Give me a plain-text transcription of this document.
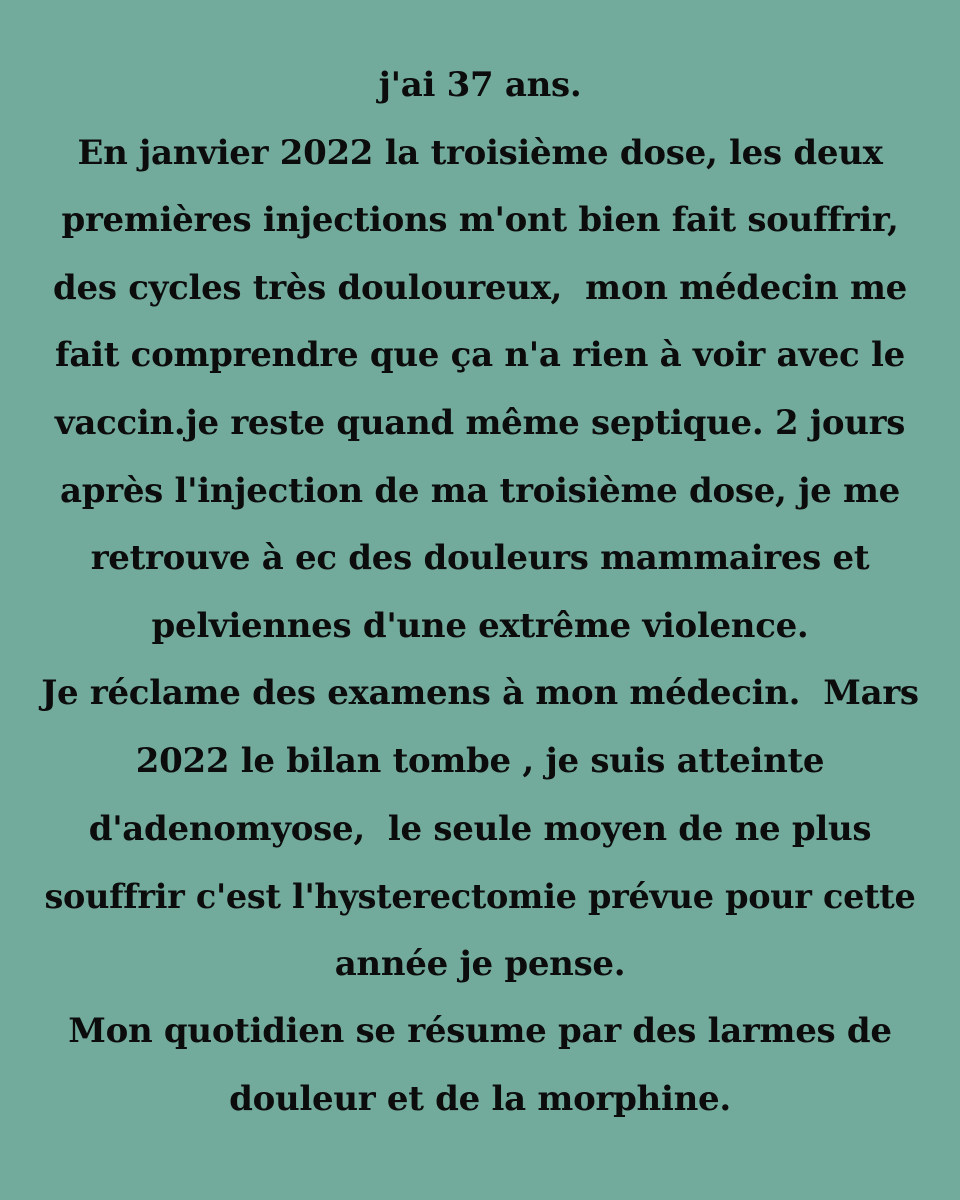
j'ai 37 ans.
En janvier 2022 la troisième dose, les deux
premières injections m'ont bien fait souffrir,
des cycles très douloureux,  mon médecin me
fait comprendre que ça n'a rien à voir avec le
vaccin.je reste quand même septique. 2 jours
après l'injection de ma troisième dose, je me
retrouve à ec des douleurs mammaires et
pelviennes d'une extrême violence.
Je réclame des examens à mon médecin.  Mars
2022 le bilan tombe , je suis atteinte
d'adenomyose,  le seule moyen de ne plus
souffrir c'est l'hysterectomie prévue pour cette
année je pense.
Mon quotidien se résume par des larmes de
douleur et de la morphine.
